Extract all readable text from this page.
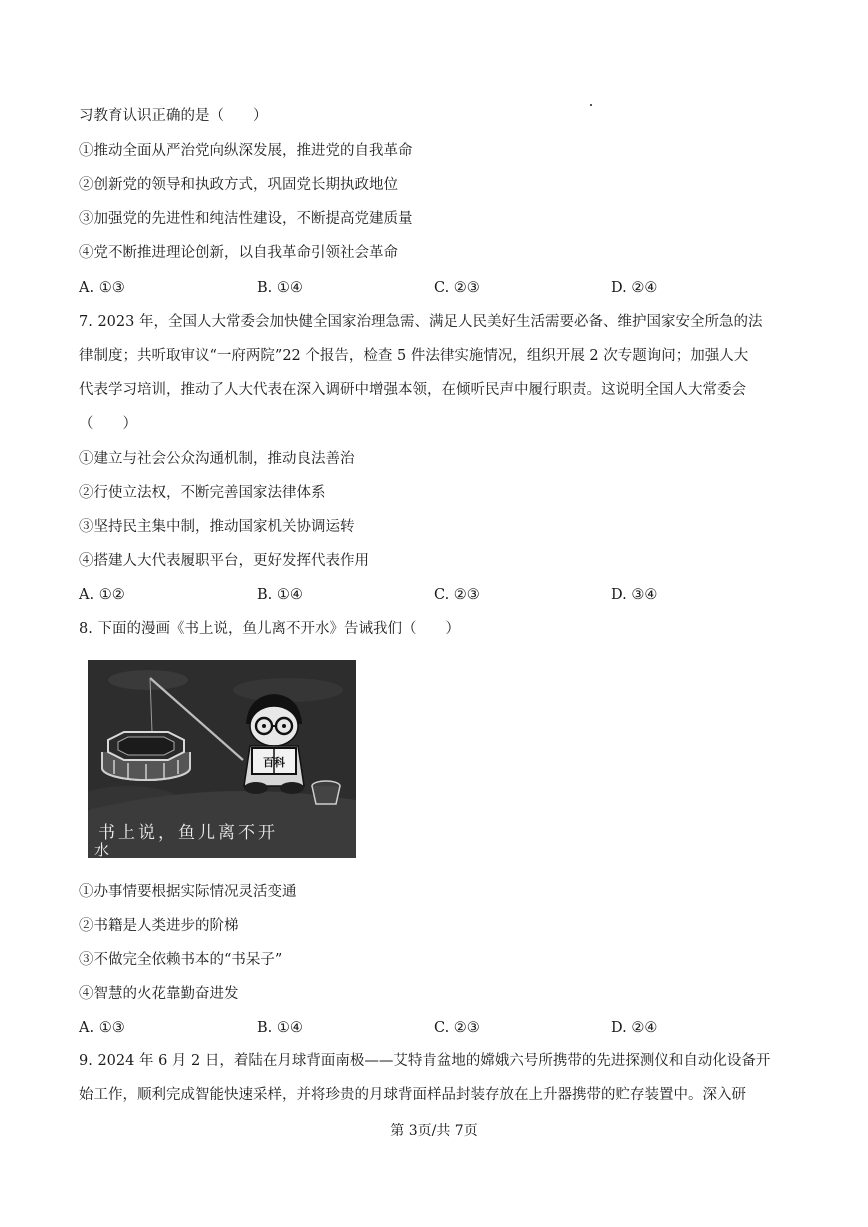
习教育认识正确的是（　　）
①推动全面从严治党向纵深发展，推进党的自我革命
②创新党的领导和执政方式，巩固党长期执政地位
③加强党的先进性和纯洁性建设，不断提高党建质量
④党不断推进理论创新，以自我革命引领社会革命
A. ①③	B. ①④	C. ②③	D. ②④
7. 2023 年，全国人大常委会加快健全国家治理急需、满足人民美好生活需要必备、维护国家安全所急的法
律制度；共听取审议“一府两院”22 个报告，检查 5 件法律实施情况，组织开展 2 次专题询问；加强人大
代表学习培训，推动了人大代表在深入调研中增强本领，在倾听民声中履行职责。这说明全国人大常委会
（　　）
①建立与社会公众沟通机制，推动良法善治
②行使立法权，不断完善国家法律体系
③坚持民主集中制，推动国家机关协调运转
④搭建人大代表履职平台，更好发挥代表作用
A. ①②	B. ①④	C. ②③	D. ③④
8. 下面的漫画《书上说，鱼儿离不开水》告诫我们（　　）
百科
书上说，鱼儿离不开
水
①办事情要根据实际情况灵活变通
②书籍是人类进步的阶梯
③不做完全依赖书本的“书呆子”
④智慧的火花靠勤奋进发
A. ①③	B. ①④	C. ②③	D. ②④
9. 2024 年 6 月 2 日，着陆在月球背面南极——艾特肯盆地的嫦娥六号所携带的先进探测仪和自动化设备开
始工作，顺利完成智能快速采样，并将珍贵的月球背面样品封装存放在上升器携带的贮存装置中。深入研
第 3页/共 7页
